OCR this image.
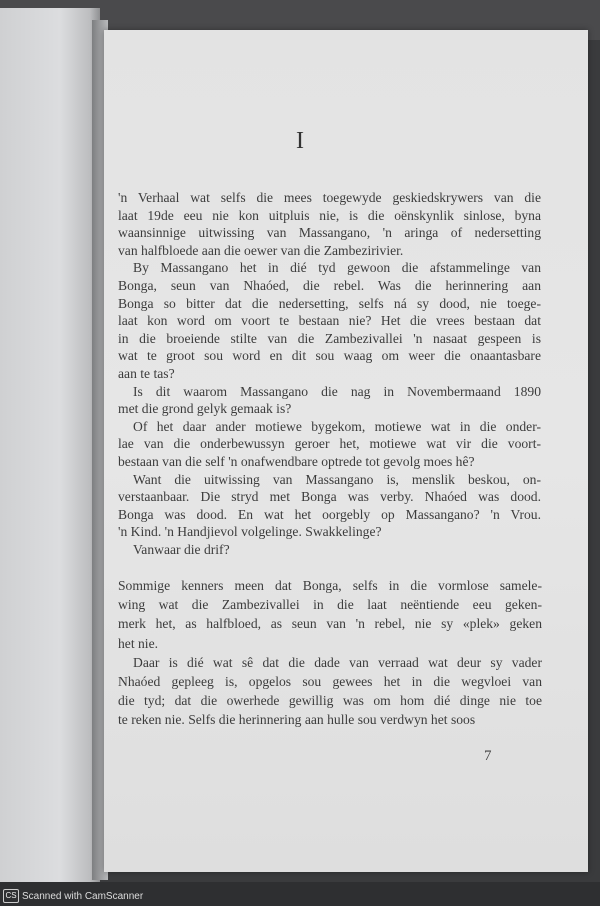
I
'n Verhaal wat selfs die mees toegewyde geskiedskrywers van die
laat 19de eeu nie kon uitpluis nie, is die oënskynlik sinlose, byna
waansinnige uitwissing van Massangano, 'n aringa of nedersetting
van halfbloede aan die oewer van die Zambezirivier.
By Massangano het in dié tyd gewoon die afstammelinge van
Bonga, seun van Nhaóed, die rebel. Was die herinnering aan
Bonga so bitter dat die nedersetting, selfs ná sy dood, nie toege-
laat kon word om voort te bestaan nie? Het die vrees bestaan dat
in die broeiende stilte van die Zambezivallei 'n nasaat gespeen is
wat te groot sou word en dit sou waag om weer die onaantasbare
aan te tas?
Is dit waarom Massangano die nag in Novembermaand 1890
met die grond gelyk gemaak is?
Of het daar ander motiewe bygekom, motiewe wat in die onder-
lae van die onderbewussyn geroer het, motiewe wat vir die voort-
bestaan van die self 'n onafwendbare optrede tot gevolg moes hê?
Want die uitwissing van Massangano is, menslik beskou, on-
verstaanbaar. Die stryd met Bonga was verby. Nhaóed was dood.
Bonga was dood. En wat het oorgebly op Massangano? 'n Vrou.
'n Kind. 'n Handjievol volgelinge. Swakkelinge?
Vanwaar die drif?
Sommige kenners meen dat Bonga, selfs in die vormlose samele-
wing wat die Zambezivallei in die laat neëntiende eeu geken-
merk het, as halfbloed, as seun van 'n rebel, nie sy «plek» geken
het nie.
Daar is dié wat sê dat die dade van verraad wat deur sy vader
Nhaóed gepleeg is, opgelos sou gewees het in die wegvloei van
die tyd; dat die owerhede gewillig was om hom dié dinge nie toe
te reken nie. Selfs die herinnering aan hulle sou verdwyn het soos
7
CS Scanned with CamScanner
